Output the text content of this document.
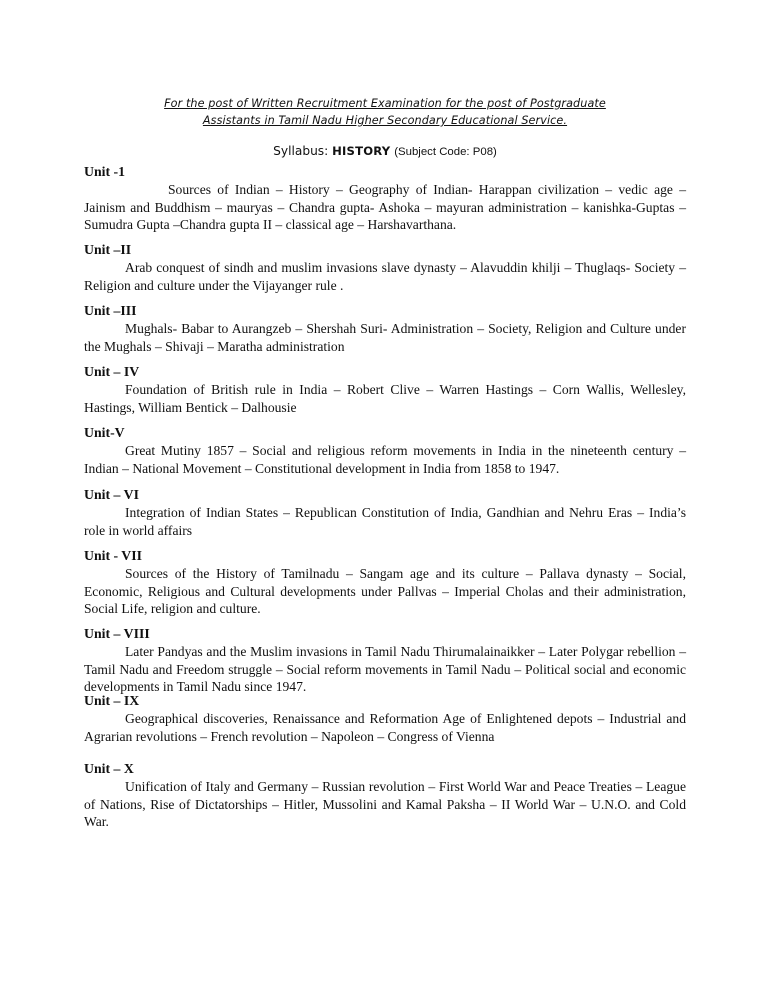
For the post of Written Recruitment Examination for the post of Postgraduate
Assistants in Tamil Nadu Higher Secondary Educational Service.
Syllabus: HISTORY (Subject Code: P08)
Unit -1
Sources of Indian – History – Geography of Indian- Harappan civilization – vedic age – Jainism and Buddhism – mauryas – Chandra gupta- Ashoka – mayuran administration – kanishka-Guptas – Sumudra Gupta –Chandra gupta II – classical age – Harshavarthana.
Unit –II
Arab conquest of sindh and muslim invasions slave dynasty – Alavuddin khilji – Thuglaqs- Society – Religion and culture under the Vijayanger rule .
Unit –III
Mughals- Babar to Aurangzeb – Shershah Suri- Administration – Society, Religion and Culture under the Mughals – Shivaji – Maratha administration
Unit – IV
Foundation of British rule in India – Robert Clive – Warren Hastings – Corn Wallis, Wellesley, Hastings, William Bentick – Dalhousie
Unit-V
Great Mutiny 1857 – Social and religious reform movements in India in the nineteenth century – Indian – National Movement – Constitutional development in India from 1858 to 1947.
Unit – VI
Integration of Indian States – Republican Constitution of India, Gandhian and Nehru Eras – India’s role in world affairs
Unit - VII
Sources of the History of Tamilnadu – Sangam age and its culture – Pallava dynasty – Social, Economic, Religious and Cultural developments under Pallvas – Imperial Cholas and their administration, Social Life, religion and culture.
Unit – VIII
Later Pandyas and the Muslim invasions in Tamil Nadu Thirumalainaikker – Later Polygar rebellion – Tamil Nadu and Freedom struggle – Social reform movements in Tamil Nadu – Political social and economic developments in Tamil Nadu since 1947.
Unit – IX
Geographical discoveries, Renaissance and Reformation Age of Enlightened depots – Industrial and Agrarian revolutions – French revolution – Napoleon – Congress of Vienna
Unit – X
Unification of Italy and Germany – Russian revolution – First World War and Peace Treaties – League of Nations, Rise of Dictatorships – Hitler, Mussolini and Kamal Paksha – II World War – U.N.O. and Cold War.
